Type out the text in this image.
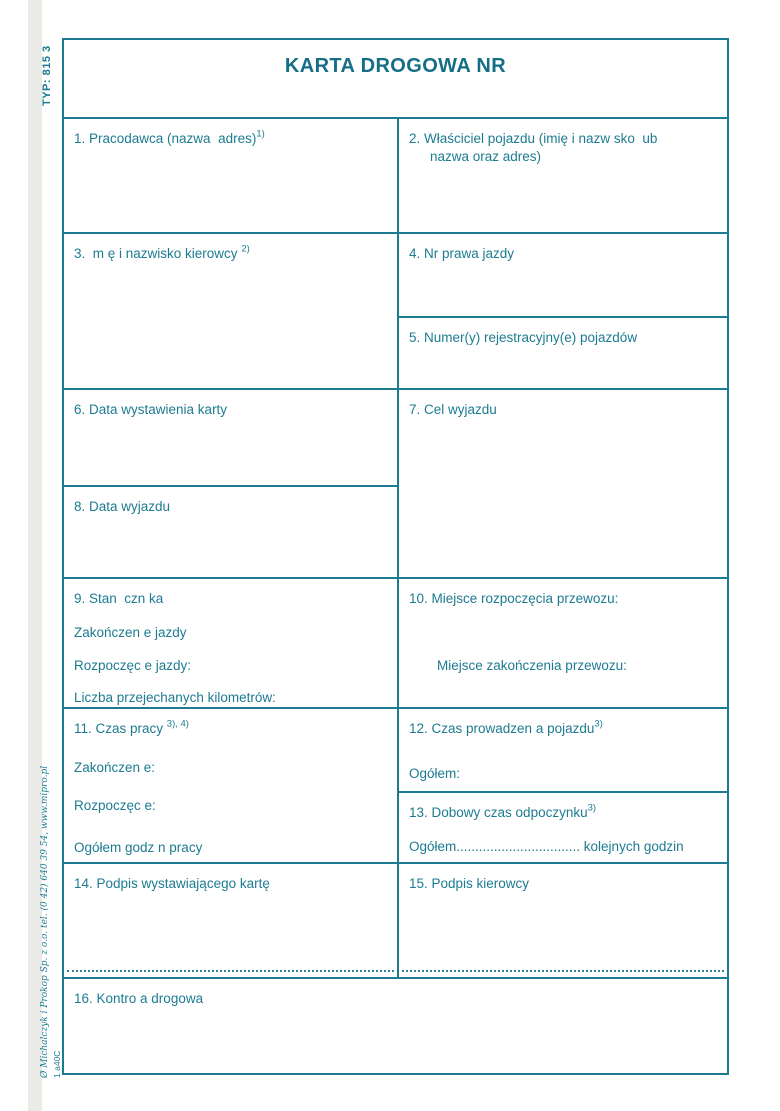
TYP: 815 3
Ø Michalczyk i Prokop Sp. z o.o. tel. (0 42) 640 39 54, www.mipro.pl 1 a40C
KARTA DROGOWA NR
1. Pracodawca (nazwa  adres)$^{1)}$	2. Właściciel pojazdu (imię i nazw sko  ub
nazwa oraz adres)
3.  m ę i nazwisko kierowcy $^{2)}$	4. Nr prawa jazdy
5. Numer(y) rejestracyjny(e) pojazdów
6. Data wystawienia karty
8. Data wyjazdu
7. Cel wyjazdu
9. Stan  czn ka
Zakończen e jazdy
Rozpoczęc e jazdy:
Liczba przejechanych kilometrów:
10. Miejsce rozpoczęcia przewozu:
Miejsce zakończenia przewozu:
11. Czas pracy $^{3), 4)}$
Zakończen e:
Rozpoczęc e:
Ogółem godz n pracy
12. Czas prowadzen a pojazdu$^{3)}$
Ogółem:
13. Dobowy czas odpoczynku$^{3)}$
Ogółem................................. kolejnych godzin
14. Podpis wystawiającego kartę	15. Podpis kierowcy
16. Kontro a drogowa
